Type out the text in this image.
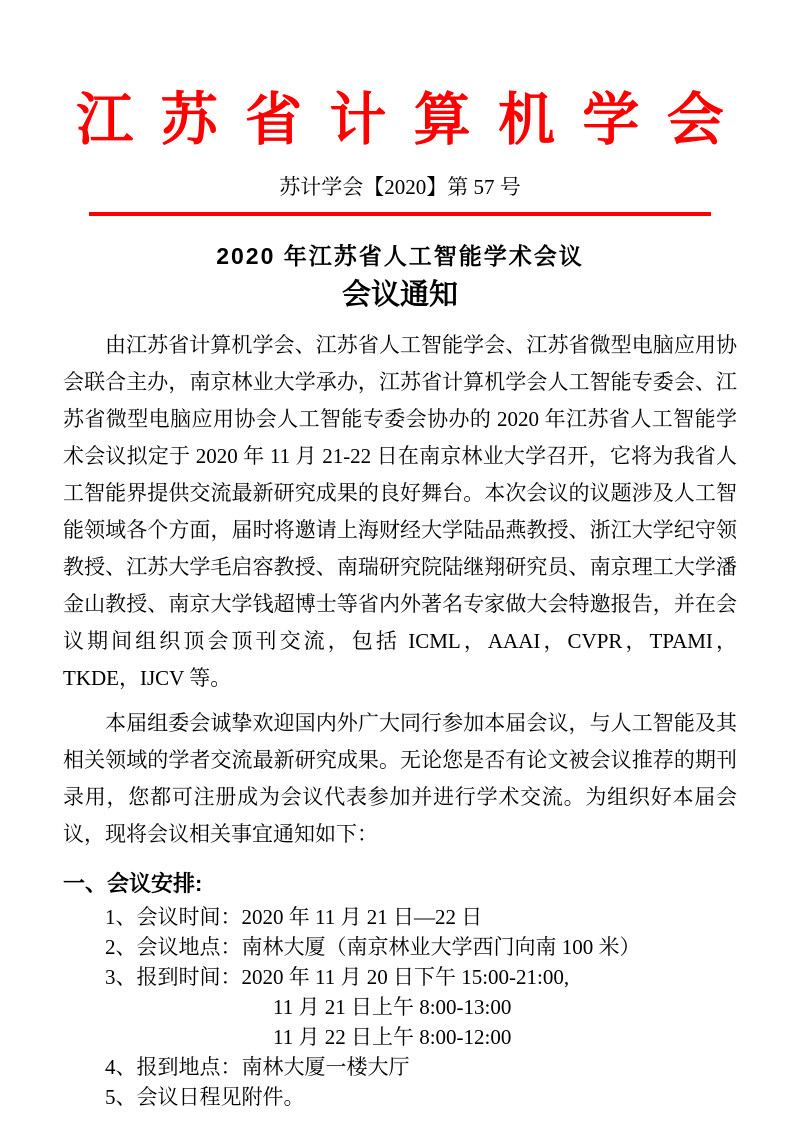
江苏省计算机学会
苏计学会【2020】第 57 号
2020 年江苏省人工智能学术会议
会议通知

由江苏省计算机学会、江苏省人工智能学会、江苏省微型电脑应用协会联合主办，南京林业大学承办，江苏省计算机学会人工智能专委会、江苏省微型电脑应用协会人工智能专委会协办的 2020 年江苏省人工智能学术会议拟定于 2020 年 11 月 21-22 日在南京林业大学召开，它将为我省人工智能界提供交流最新研究成果的良好舞台。本次会议的议题涉及人工智能领域各个方面，届时将邀请上海财经大学陆品燕教授、浙江大学纪守领教授、江苏大学毛启容教授、南瑞研究院陆继翔研究员、南京理工大学潘金山教授、南京大学钱超博士等省内外著名专家做大会特邀报告，并在会议期间组织顶会顶刊交流，包括 ICML，AAAI，CVPR，TPAMI，TKDE，IJCV 等。

本届组委会诚挚欢迎国内外广大同行参加本届会议，与人工智能及其相关领域的学者交流最新研究成果。无论您是否有论文被会议推荐的期刊录用，您都可注册成为会议代表参加并进行学术交流。为组织好本届会议，现将会议相关事宜通知如下：

一、会议安排:
1、会议时间：2020 年 11 月 21 日—22 日
2、会议地点：南林大厦（南京林业大学西门向南 100 米）
3、报到时间：2020 年 11 月 20 日下午 15:00-21:00,
11 月 21 日上午 8:00-13:00
11 月 22 日上午 8:00-12:00
4、报到地点：南林大厦一楼大厅
5、会议日程见附件。
